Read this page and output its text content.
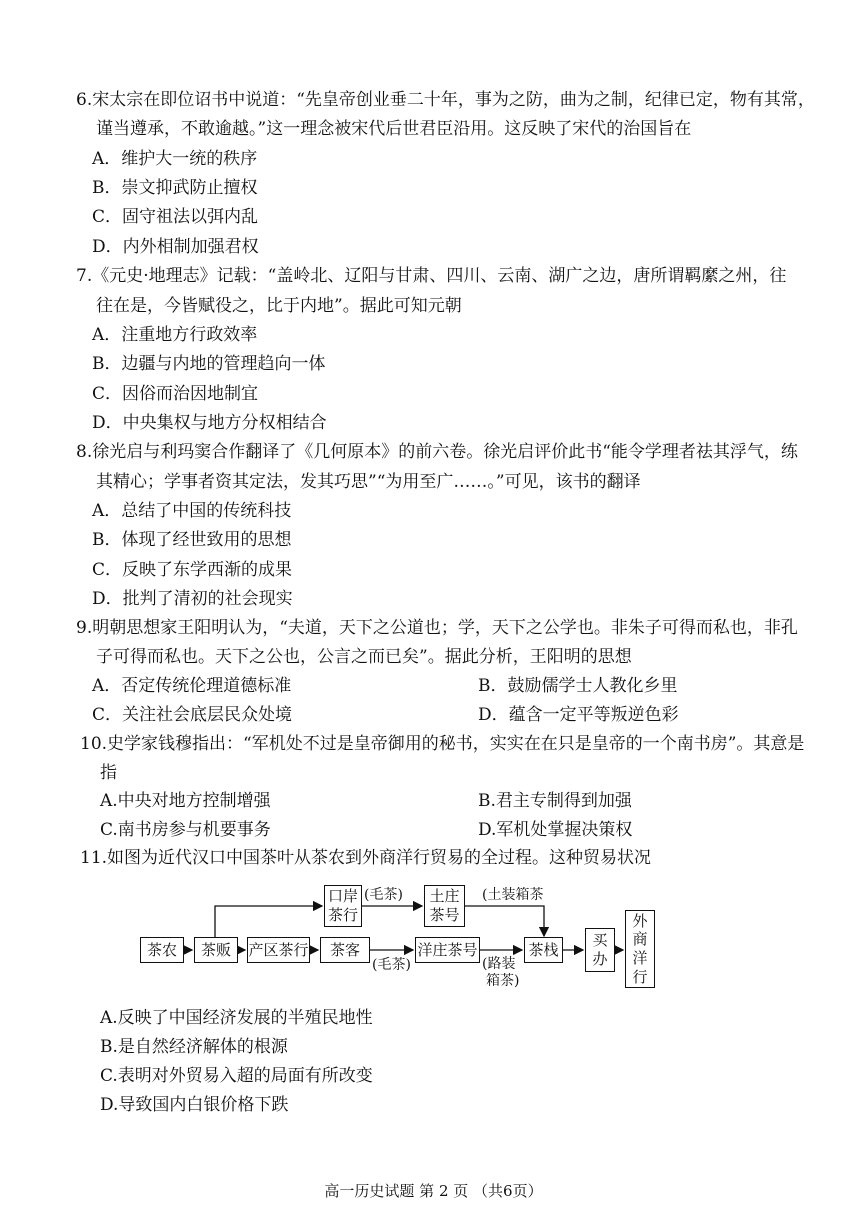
6.宋太宗在即位诏书中说道：“先皇帝创业垂二十年，事为之防，曲为之制，纪律已定，物有其常，
谨当遵承，不敢逾越。”这一理念被宋代后世君臣沿用。这反映了宋代的治国旨在
A．维护大一统的秩序
B．崇文抑武防止擅权
C．固守祖法以弭内乱
D．内外相制加强君权
7.《元史·地理志》记载：“盖岭北、辽阳与甘肃、四川、云南、湖广之边，唐所谓羁縻之州，往
往在是，今皆赋役之，比于内地”。据此可知元朝
A．注重地方行政效率
B．边疆与内地的管理趋向一体
C．因俗而治因地制宜
D．中央集权与地方分权相结合
8.徐光启与利玛窦合作翻译了《几何原本》的前六卷。徐光启评价此书“能令学理者祛其浮气，练
其精心；学事者资其定法，发其巧思”“为用至广……。”可见，该书的翻译
A．总结了中国的传统科技
B．体现了经世致用的思想
C．反映了东学西渐的成果
D．批判了清初的社会现实
9.明朝思想家王阳明认为，“夫道，天下之公道也；学，天下之公学也。非朱子可得而私也，非孔
子可得而私也。天下之公也，公言之而已矣”。据此分析，王阳明的思想
A．否定传统伦理道德标准	B．鼓励儒学士人教化乡里
C．关注社会底层民众处境	D．蕴含一定平等叛逆色彩
10.史学家钱穆指出：“军机处不过是皇帝御用的秘书，实实在在只是皇帝的一个南书房”。其意是
指
A.中央对地方控制增强	B.君主专制得到加强
C.南书房参与机要事务	D.军机处掌握决策权
11.如图为近代汉口中国茶叶从茶农到外商洋行贸易的全过程。这种贸易状况
茶农	茶贩	产区茶行	茶客	洋庄茶号	茶栈
口岸
茶行
土庄
茶号
买
办
外
商
洋
行
(毛茶)	(土装箱茶
(毛茶)	(路装
箱茶)
A.反映了中国经济发展的半殖民地性
B.是自然经济解体的根源
C.表明对外贸易入超的局面有所改变
D.导致国内白银价格下跌
高一历史试题 第 2 页 （共6页）
